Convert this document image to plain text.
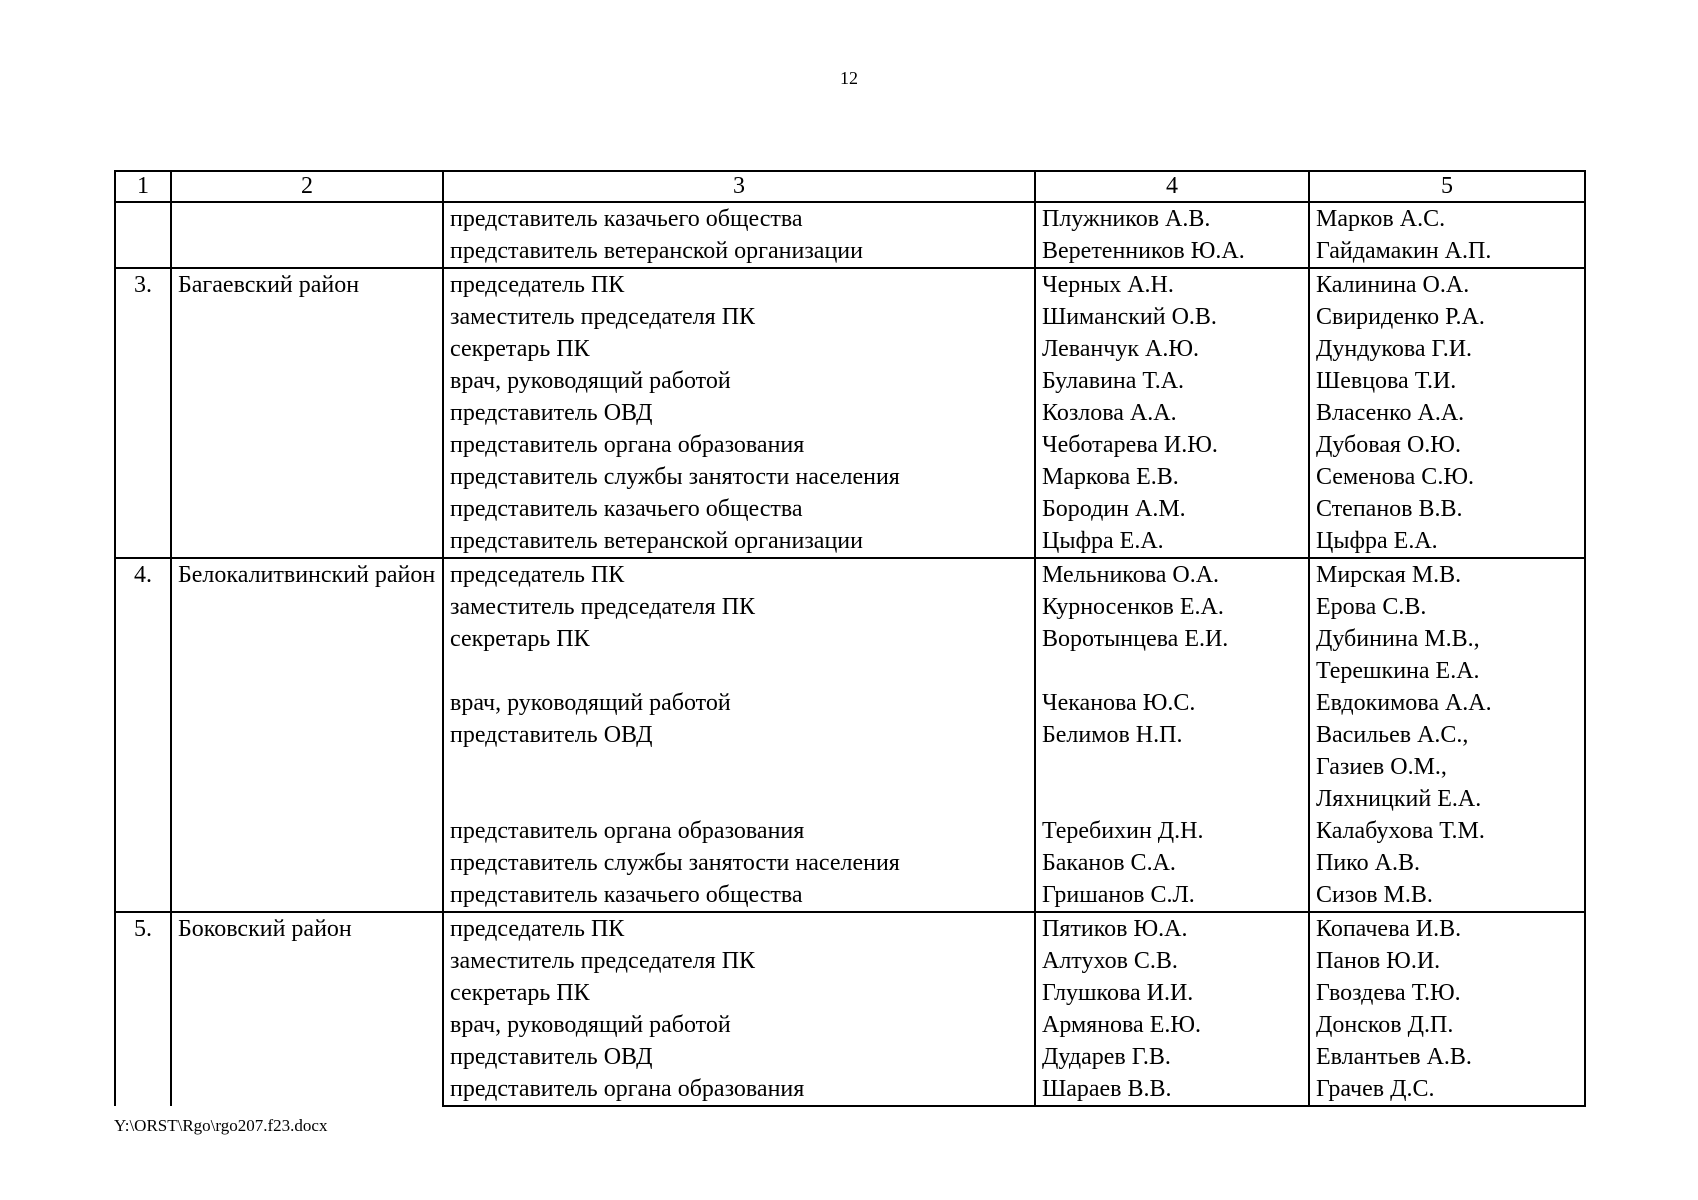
12
1	2	3	4	5
		представитель казачьего общества	Плужников А.В.	Марков А.С.
		представитель ветеранской организации	Веретенников Ю.А.	Гайдамакин А.П.
3.	Багаевский район	председатель ПК	Черных А.Н.	Калинина О.А.
		заместитель председателя ПК	Шиманский О.В.	Свириденко Р.А.
		секретарь ПК	Леванчук А.Ю.	Дундукова Г.И.
		врач, руководящий работой	Булавина Т.А.	Шевцова Т.И.
		представитель ОВД	Козлова А.А.	Власенко А.А.
		представитель органа образования	Чеботарева И.Ю.	Дубовая О.Ю.
		представитель службы занятости населения	Маркова Е.В.	Семенова С.Ю.
		представитель казачьего общества	Бородин А.М.	Степанов В.В.
		представитель ветеранской организации	Цыфра Е.А.	Цыфра Е.А.
4.	Белокалитвинский район	председатель ПК	Мельникова О.А.	Мирская М.В.
		заместитель председателя ПК	Курносенков Е.А.	Ерова С.В.
		секретарь ПК	Воротынцева Е.И.	Дубинина М.В.,
				Терешкина Е.А.
		врач, руководящий работой	Чеканова Ю.С.	Евдокимова А.А.
		представитель ОВД	Белимов Н.П.	Васильев А.С.,
				Газиев О.М.,
				Ляхницкий Е.А.
		представитель органа образования	Теребихин Д.Н.	Калабухова Т.М.
		представитель службы занятости населения	Баканов С.А.	Пико А.В.
		представитель казачьего общества	Гришанов С.Л.	Сизов М.В.
5.	Боковский район	председатель ПК	Пятиков Ю.А.	Копачева И.В.
		заместитель председателя ПК	Алтухов С.В.	Панов Ю.И.
		секретарь ПК	Глушкова И.И.	Гвоздева Т.Ю.
		врач, руководящий работой	Армянова Е.Ю.	Донсков Д.П.
		представитель ОВД	Дударев Г.В.	Евлантьев А.В.
		представитель органа образования	Шараев В.В.	Грачев Д.С.
Y:\ORST\Rgo\rgo207.f23.docx
